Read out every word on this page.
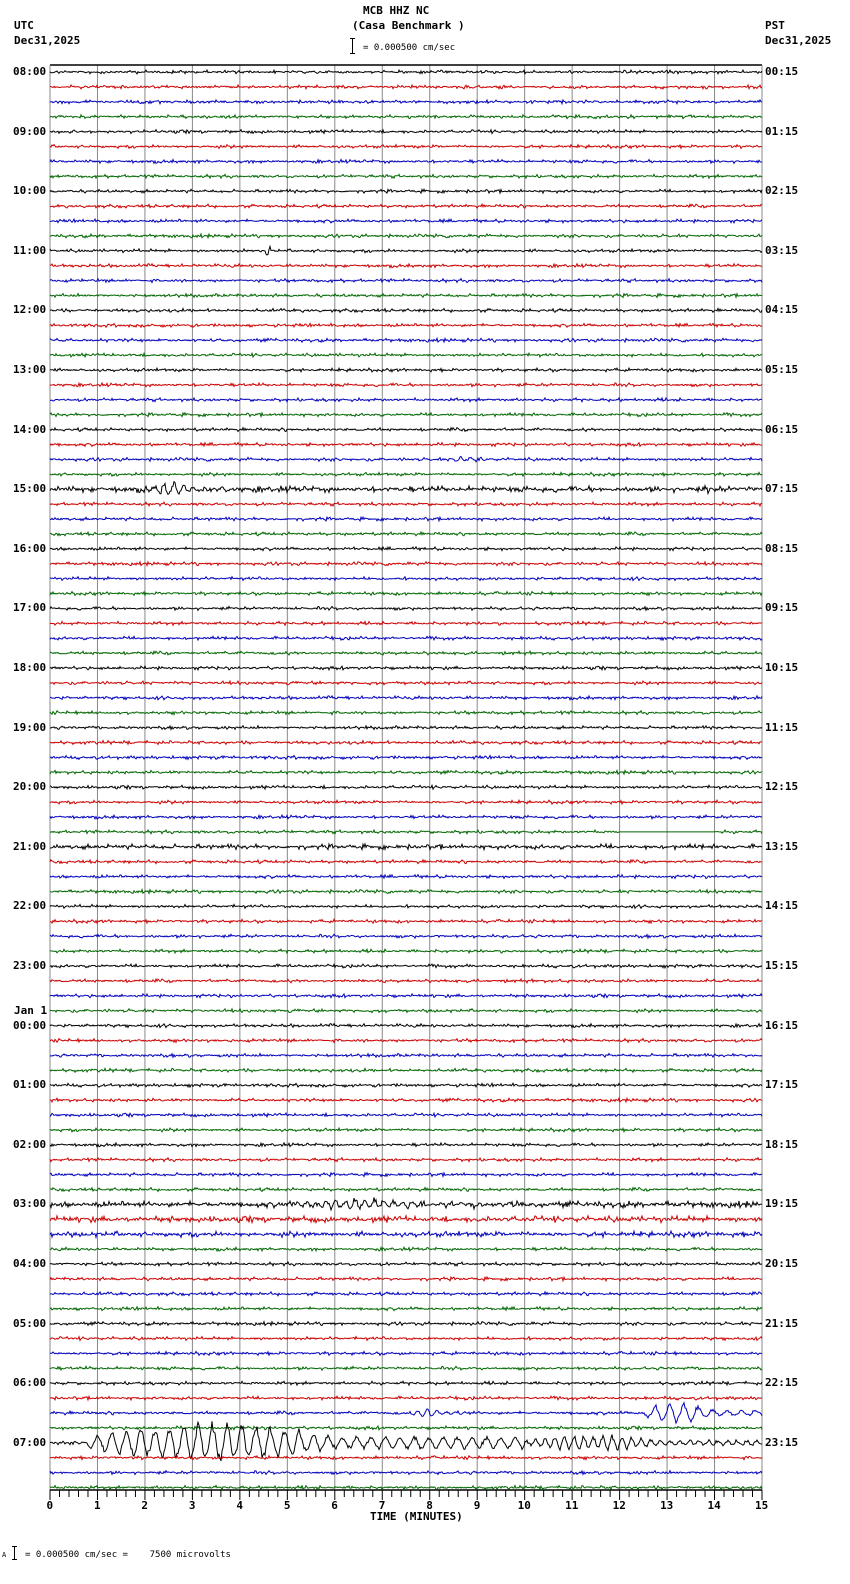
MCB HHZ NC
(Casa Benchmark )
UTC
Dec31,2025
PST
Dec31,2025
= 0.000500 cm/sec
08:00
09:00
10:00
11:00
12:00
13:00
14:00
15:00
16:00
17:00
18:00
19:00
20:00
21:00
22:00
23:00
Jan 1
00:00
01:00
02:00
03:00
04:00
05:00
06:00
07:00
00:15
01:15
02:15
03:15
04:15
05:15
06:15
07:15
08:15
09:15
10:15
11:15
12:15
13:15
14:15
15:15
16:15
17:15
18:15
19:15
20:15
21:15
22:15
23:15
0	1	2	3	4	5	6	7	8	9	10	11	12	13	14	15
TIME (MINUTES)
A = 0.000500 cm/sec =    7500 microvolts
